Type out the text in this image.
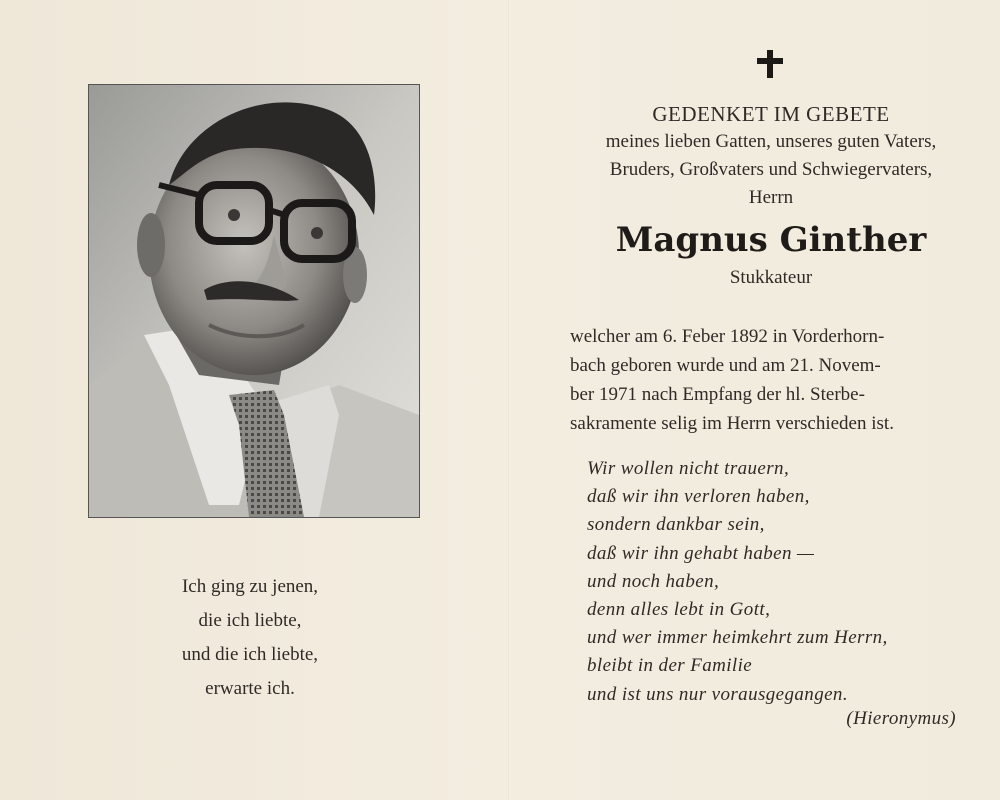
Ich ging zu jenen,
die ich liebte,
und die ich liebte,
erwarte ich.
GEDENKET IM GEBETE
meines lieben Gatten, unseres guten Vaters,
Bruders, Großvaters und Schwiegervaters,
Herrn
Magnus Ginther
Stukkateur
welcher am 6. Feber 1892 in Vorderhorn-
bach geboren wurde und am 21. Novem-
ber 1971 nach Empfang der hl. Sterbe-
sakramente selig im Herrn verschieden ist.
Wir wollen nicht trauern,
daß wir ihn verloren haben,
sondern dankbar sein,
daß wir ihn gehabt haben —
und noch haben,
denn alles lebt in Gott,
und wer immer heimkehrt zum Herrn,
bleibt in der Familie
und ist uns nur vorausgegangen.
(Hieronymus)
